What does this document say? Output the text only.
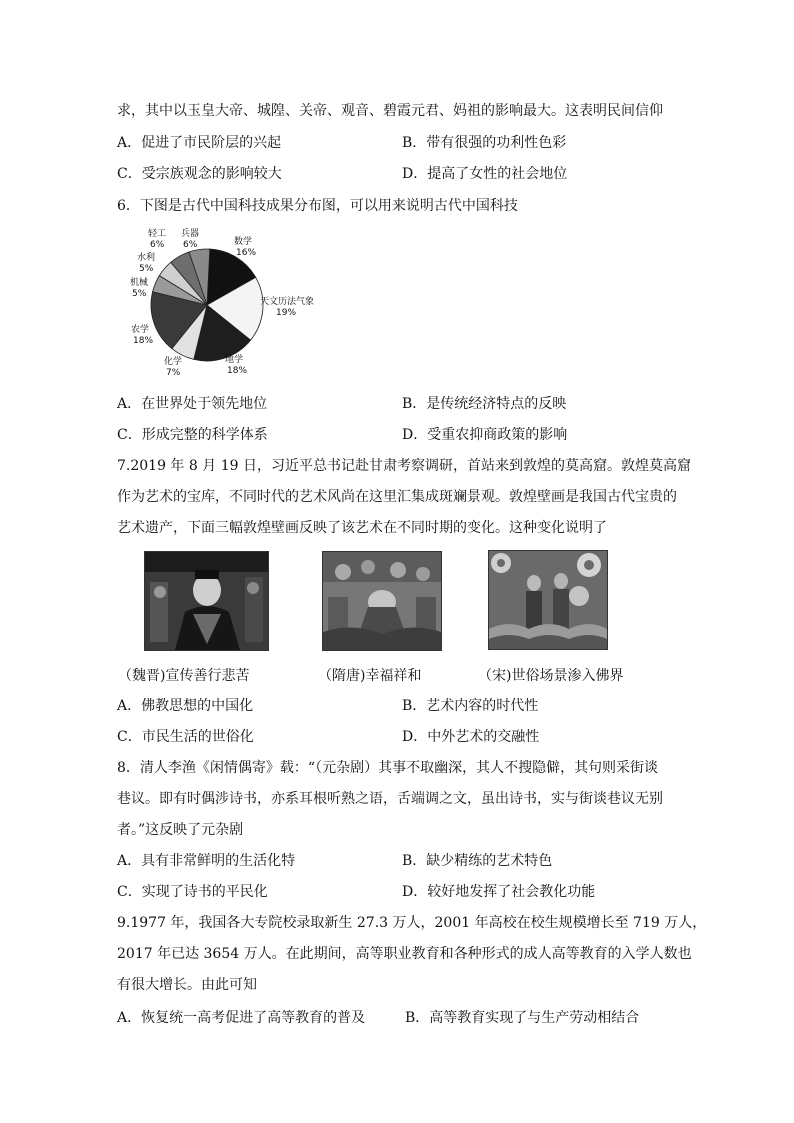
求，其中以玉皇大帝、城隍、关帝、观音、碧霞元君、妈祖的影响最大。这表明民间信仰
A．促进了市民阶层的兴起	B．带有很强的功利性色彩
C．受宗族观念的影响较大	D．提高了女性的社会地位
6．下图是古代中国科技成果分布图，可以用来说明古代中国科技
数学
16%
天文历法气象
19%
地学
18%
化学
7%
农学
18%
机械
5%
水利
5%
轻工
6%
兵器
6%
A．在世界处于领先地位	B．是传统经济特点的反映
C．形成完整的科学体系	D．受重农抑商政策的影响
7.2019 年 8 月 19 日，习近平总书记赴甘肃考察调研，首站来到敦煌的莫高窟。敦煌莫高窟
作为艺术的宝库，不同时代的艺术风尚在这里汇集成斑斓景观。敦煌壁画是我国古代宝贵的
艺术遗产，下面三幅敦煌壁画反映了该艺术在不同时期的变化。这种变化说明了
（魏晋)宣传善行悲苦	（隋唐)幸福祥和	（宋)世俗场景渗入佛界
A．佛教思想的中国化	B．艺术内容的时代性
C．市民生活的世俗化	D．中外艺术的交融性
8．清人李渔《闲情偶寄》载：“（元杂剧）其事不取幽深，其人不搜隐僻，其句则采街谈
巷议。即有时偶涉诗书，亦系耳根听熟之语，舌端调之文，虽出诗书，实与街谈巷议无别
者。”这反映了元杂剧
A．具有非常鲜明的生活化特	B．缺少精练的艺术特色
C．实现了诗书的平民化	D．较好地发挥了社会教化功能
9.1977 年，我国各大专院校录取新生 27.3 万人，2001 年高校在校生规模增长至 719 万人，
2017 年已达 3654 万人。在此期间，高等职业教育和各种形式的成人高等教育的入学人数也
有很大增长。由此可知
A．恢复统一高考促进了高等教育的普及	B．高等教育实现了与生产劳动相结合
